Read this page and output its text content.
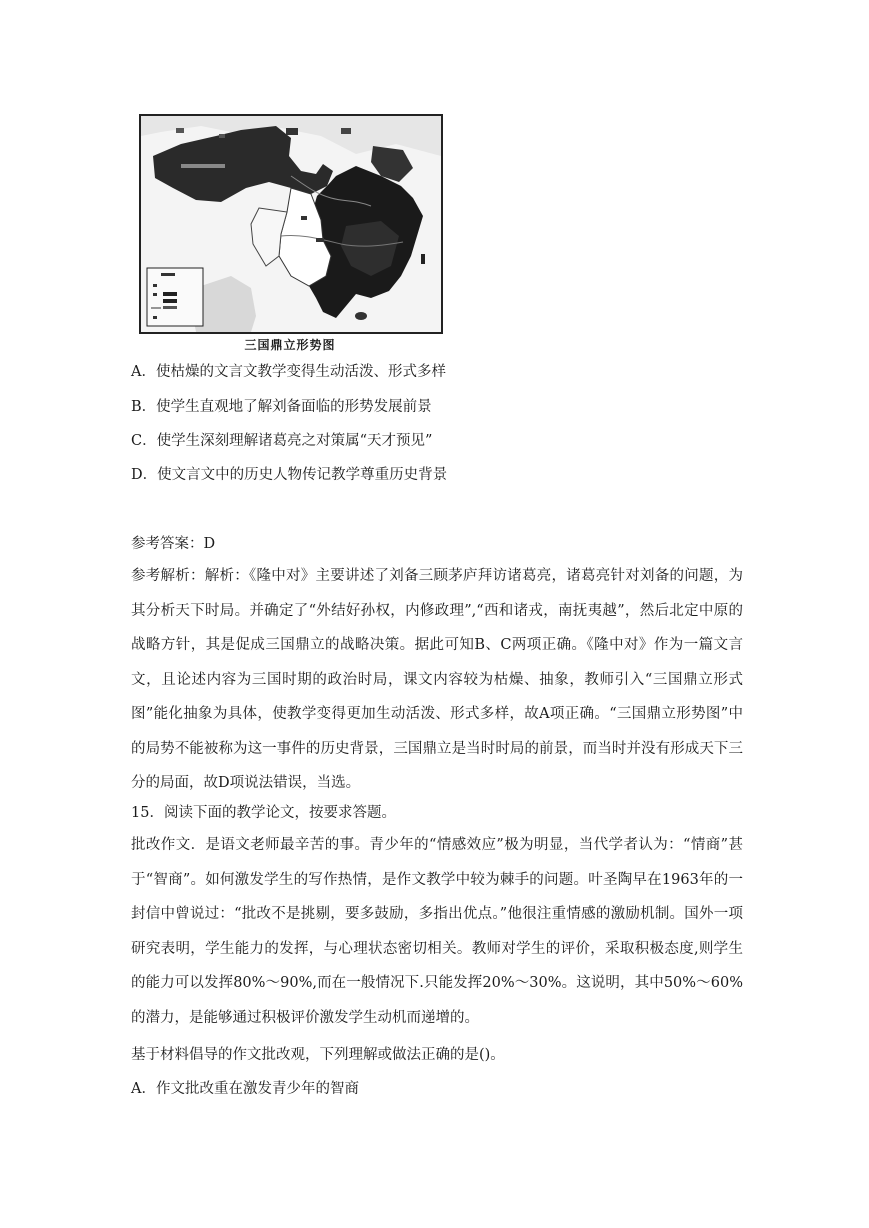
三国鼎立形势图
A．使枯燥的文言文教学变得生动活泼、形式多样
B．使学生直观地了解刘备面临的形势发展前景
C．使学生深刻理解诸葛亮之对策属“天才预见”
D．使文言文中的历史人物传记教学尊重历史背景
参考答案：D
参考解析：解析：《隆中对》主要讲述了刘备三顾茅庐拜访诸葛亮，诸葛亮针对刘备的问题，为其分析天下时局。并确定了“外结好孙权，内修政理”,“西和诸戎，南抚夷越”，然后北定中原的战略方针，其是促成三国鼎立的战略决策。据此可知B、C两项正确。《隆中对》作为一篇文言文，且论述内容为三国时期的政治时局，课文内容较为枯燥、抽象，教师引入“三国鼎立形式图”能化抽象为具体，使教学变得更加生动活泼、形式多样，故A项正确。“三国鼎立形势图”中的局势不能被称为这一事件的历史背景，三国鼎立是当时时局的前景，而当时并没有形成天下三分的局面，故D项说法错误，当选。
15．阅读下面的教学论文，按要求答题。
批改作文．是语文老师最辛苦的事。青少年的“情感效应”极为明显，当代学者认为：“情商”甚于“智商”。如何激发学生的写作热情，是作文教学中较为棘手的问题。叶圣陶早在1963年的一封信中曾说过：“批改不是挑剔，要多鼓励，多指出优点。”他很注重情感的激励机制。国外一项研究表明，学生能力的发挥，与心理状态密切相关。教师对学生的评价，采取积极态度,则学生的能力可以发挥80%～90%,而在一般情况下.只能发挥20%～30%。这说明，其中50%～60%的潜力，是能够通过积极评价激发学生动机而递增的。
基于材料倡导的作文批改观，下列理解或做法正确的是()。
A．作文批改重在激发青少年的智商
